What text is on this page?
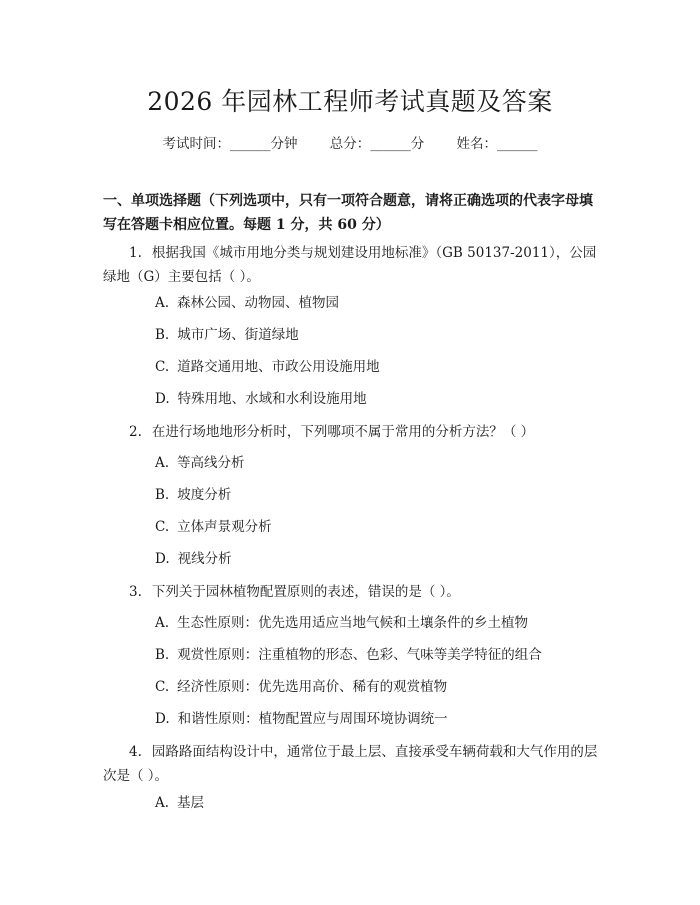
2026 年园林工程师考试真题及答案
考试时间：______分钟 总分：______分 姓名：______
一、单项选择题（下列选项中，只有一项符合题意，请将正确选项的代表字母填写在答题卡相应位置。每题 1 分，共 60 分）
1. 根据我国《城市用地分类与规划建设用地标准》（GB 50137-2011），公园绿地（G）主要包括（ ）。
A. 森林公园、动物园、植物园
B. 城市广场、街道绿地
C. 道路交通用地、市政公用设施用地
D. 特殊用地、水域和水利设施用地
2. 在进行场地地形分析时，下列哪项不属于常用的分析方法？（ ）
A. 等高线分析
B. 坡度分析
C. 立体声景观分析
D. 视线分析
3. 下列关于园林植物配置原则的表述，错误的是（ ）。
A. 生态性原则：优先选用适应当地气候和土壤条件的乡土植物
B. 观赏性原则：注重植物的形态、色彩、气味等美学特征的组合
C. 经济性原则：优先选用高价、稀有的观赏植物
D. 和谐性原则：植物配置应与周围环境协调统一
4. 园路路面结构设计中，通常位于最上层、直接承受车辆荷载和大气作用的层次是（ ）。
A. 基层
